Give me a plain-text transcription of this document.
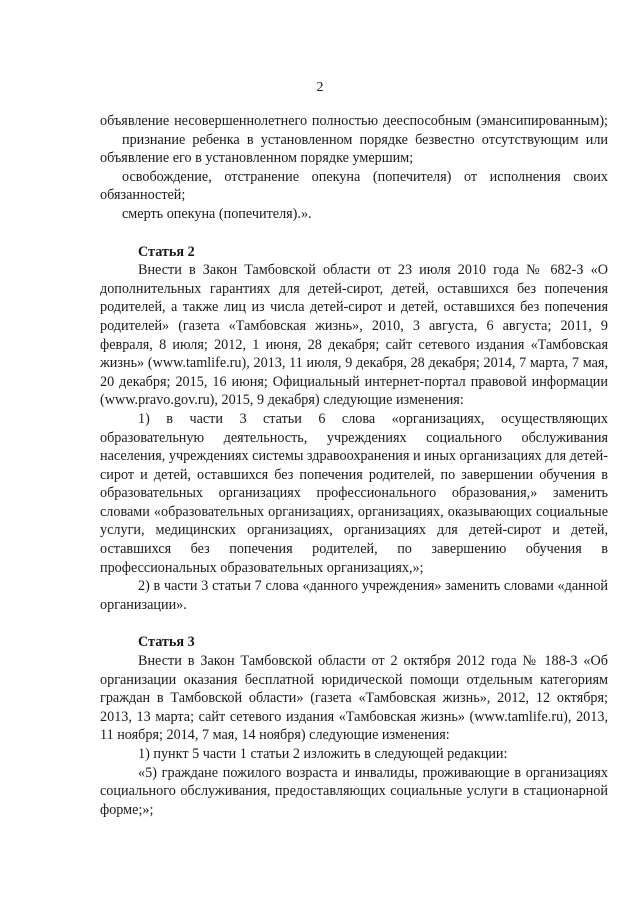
2

объявление несовершеннолетнего полностью дееспособным (эмансипированным);

признание ребенка в установленном порядке безвестно отсутствующим или объявление его в установленном порядке умершим;

освобождение, отстранение опекуна (попечителя) от исполнения своих обязанностей;

смерть опекуна (попечителя).».

Статья 2

Внести в Закон Тамбовской области от 23 июля 2010 года № 682-З «О дополнительных гарантиях для детей-сирот, детей, оставшихся без попечения родителей, а также лиц из числа детей-сирот и детей, оставшихся без попечения родителей» (газета «Тамбовская жизнь», 2010, 3 августа, 6 августа; 2011, 9 февраля, 8 июля; 2012, 1 июня, 28 декабря; сайт сетевого издания «Тамбовская жизнь» (www.tamlife.ru), 2013, 11 июля, 9 декабря, 28 декабря; 2014, 7 марта, 7 мая, 20 декабря; 2015, 16 июня; Официальный интернет-портал правовой информации (www.pravo.gov.ru), 2015, 9 декабря) следующие изменения:

1) в части 3 статьи 6 слова «организациях, осуществляющих образовательную деятельность, учреждениях социального обслуживания населения, учреждениях системы здравоохранения и иных организациях для детей-сирот и детей, оставшихся без попечения родителей, по завершении обучения в образовательных организациях профессионального образования,» заменить словами «образовательных организациях, организациях, оказывающих социальные услуги, медицинских организациях, организациях для детей-сирот и детей, оставшихся без попечения родителей, по завершению обучения в профессиональных образовательных организациях,»;

2) в части 3 статьи 7 слова «данного учреждения» заменить словами «данной организации».

Статья 3

Внести в Закон Тамбовской области от 2 октября 2012 года № 188-З «Об организации оказания бесплатной юридической помощи отдельным категориям граждан в Тамбовской области» (газета «Тамбовская жизнь», 2012, 12 октября; 2013, 13 марта; сайт сетевого издания «Тамбовская жизнь» (www.tamlife.ru), 2013, 11 ноября; 2014, 7 мая, 14 ноября) следующие изменения:

1) пункт 5 части 1 статьи 2 изложить в следующей редакции:

«5) граждане пожилого возраста и инвалиды, проживающие в организациях социального обслуживания, предоставляющих социальные услуги в стационарной форме;»;
